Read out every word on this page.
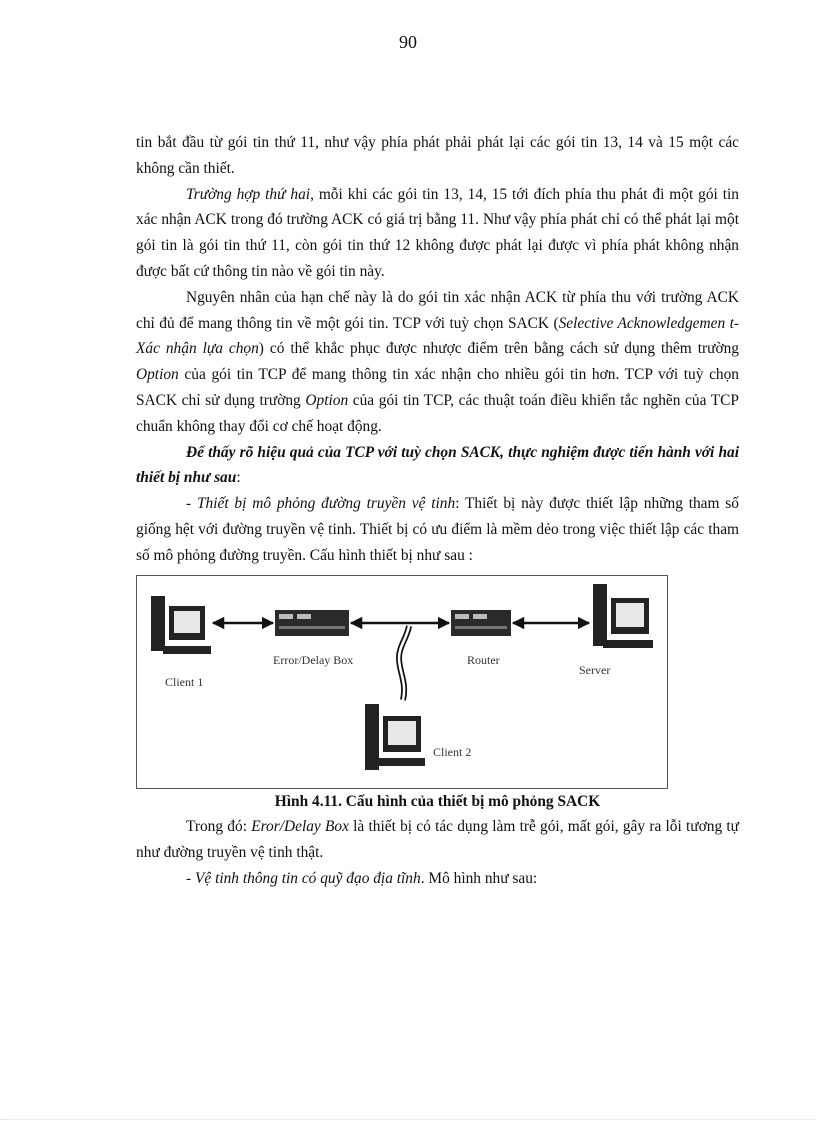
90

tin bắt đầu từ gói tin thứ 11, như vậy phía phát phải phát lại các gói tin 13, 14 và 15 một các không cần thiết.

Trường hợp thứ hai, mỗi khi các gói tin 13, 14, 15 tới đích phía thu phát đi một gói tin xác nhận ACK trong đó trường ACK có giá trị bằng 11. Như vậy phía phát chỉ có thể phát lại một gói tin là gói tin thứ 11, còn gói tin thứ 12 không được phát lại được vì phía phát không nhận được bất cứ thông tin nào về gói tin này.

Nguyên nhân của hạn chế này là do gói tin xác nhận ACK từ phía thu với trường ACK chỉ đủ để mang thông tin về một gói tin. TCP với tuỳ chọn SACK (Selective Acknowledgemen t- Xác nhận lựa chọn) có thể khắc phục được nhược điểm trên bằng cách sử dụng thêm trường Option của gói tin TCP để mang thông tin xác nhận cho nhiều gói tin hơn. TCP với tuỳ chọn SACK chỉ sử dụng trường Option của gói tin TCP, các thuật toán điều khiển tắc nghẽn của TCP chuẩn không thay đổi cơ chế hoạt động.

Để thấy rõ hiệu quả của TCP với tuỳ chọn SACK, thực nghiệm được tiến hành với hai thiết bị như sau:

- Thiết bị mô phỏng đường truyền vệ tinh: Thiết bị này được thiết lập những tham số giống hệt với đường truyền vệ tinh. Thiết bị có ưu điểm là mềm dẻo trong việc thiết lập các tham số mô phỏng đường truyền. Cấu hình thiết bị như sau :

Error/Delay Box
Client 1
Router
Server
Client 2

Hình 4.11. Cấu hình của thiết bị mô phỏng SACK

Trong đó: Eror/Delay Box là thiết bị có tác dụng làm trễ gói, mất gói, gây ra lỗi tương tự như đường truyền vệ tinh thật.

- Vệ tinh thông tin có quỹ đạo địa tĩnh. Mô hình như sau:
